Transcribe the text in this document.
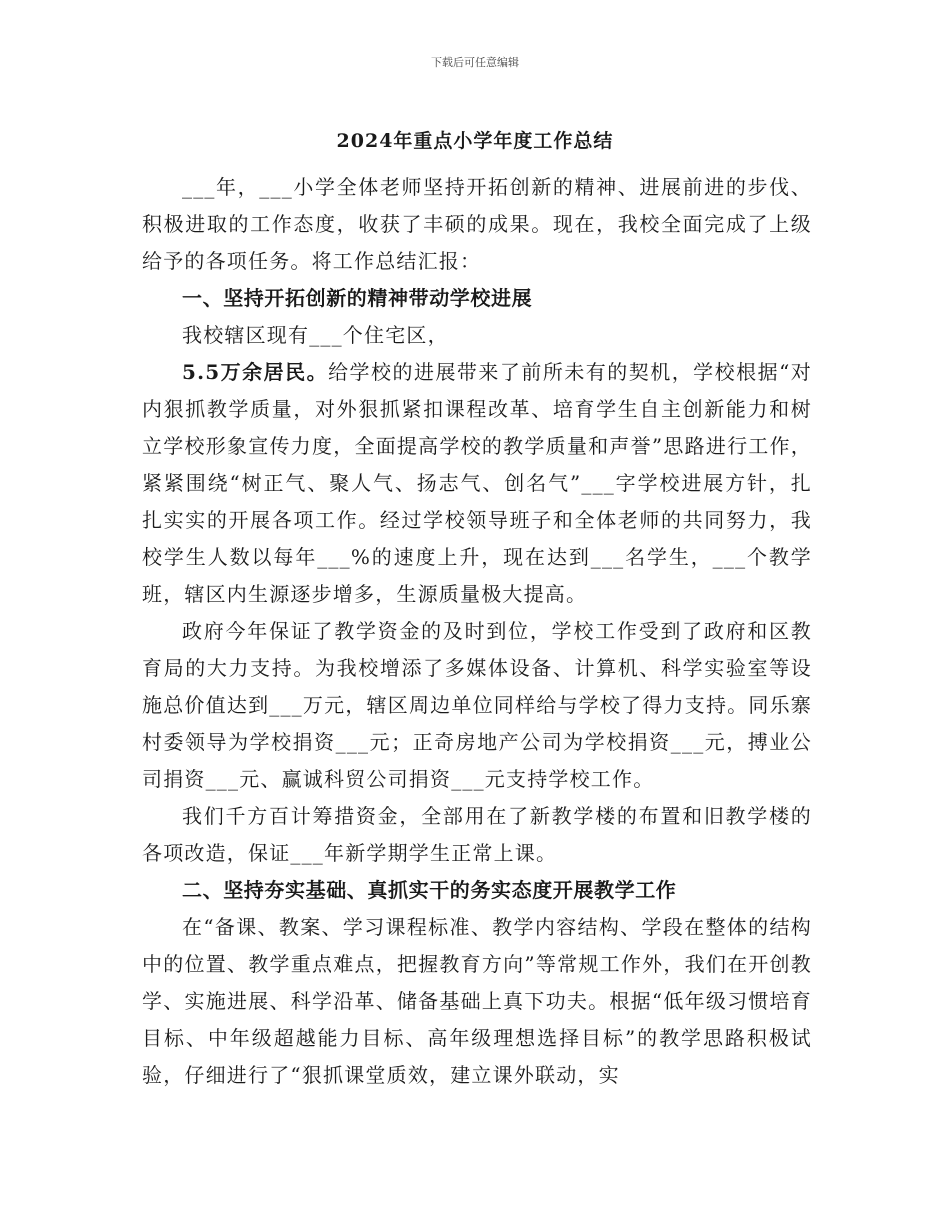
下载后可任意编辑
2024年重点小学年度工作总结

___年，___小学全体老师坚持开拓创新的精神、进展前进的步伐、积极进取的工作态度，收获了丰硕的成果。现在，我校全面完成了上级给予的各项任务。将工作总结汇报：

一、坚持开拓创新的精神带动学校进展

我校辖区现有___个住宅区，

5.5万余居民。给学校的进展带来了前所未有的契机，学校根据“对内狠抓教学质量，对外狠抓紧扣课程改革、培育学生自主创新能力和树立学校形象宣传力度，全面提高学校的教学质量和声誉”思路进行工作，紧紧围绕“树正气、聚人气、扬志气、创名气”___字学校进展方针，扎扎实实的开展各项工作。经过学校领导班子和全体老师的共同努力，我校学生人数以每年___%的速度上升，现在达到___名学生，___个教学班，辖区内生源逐步增多，生源质量极大提高。

政府今年保证了教学资金的及时到位，学校工作受到了政府和区教育局的大力支持。为我校增添了多媒体设备、计算机、科学实验室等设施总价值达到___万元，辖区周边单位同样给与学校了得力支持。同乐寨村委领导为学校捐资___元；正奇房地产公司为学校捐资___元，搏业公司捐资___元、赢诚科贸公司捐资___元支持学校工作。

我们千方百计筹措资金，全部用在了新教学楼的布置和旧教学楼的各项改造，保证___年新学期学生正常上课。

二、坚持夯实基础、真抓实干的务实态度开展教学工作

在“备课、教案、学习课程标准、教学内容结构、学段在整体的结构中的位置、教学重点难点，把握教育方向”等常规工作外，我们在开创教学、实施进展、科学沿革、储备基础上真下功夫。根据“低年级习惯培育目标、中年级超越能力目标、高年级理想选择目标”的教学思路积极试验，仔细进行了“狠抓课堂质效，建立课外联动，实
